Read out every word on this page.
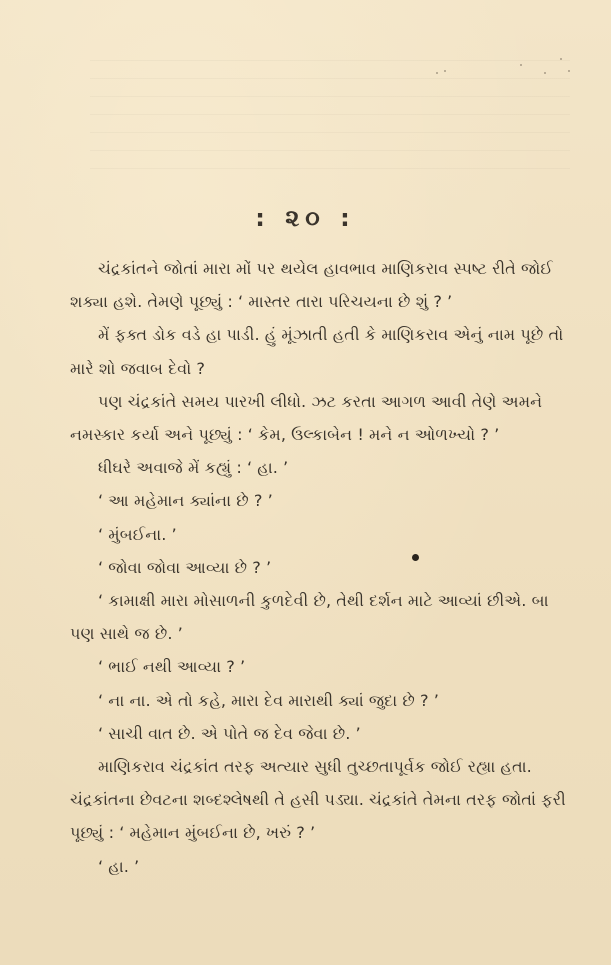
: ૨૦ :

ચંદ્રકાંતને જોતાં મારા મોં પર થયેલ હાવભાવ માણિકરાવ સ્પષ્ટ રીતે જોઈ શક્યા હશે. તેમણે પૂછ્યું : ‘ માસ્તર તારા પરિચયના છે શું ? ’

મેં ફક્ત ડોક વડે હા પાડી. હું મૂંઝાતી હતી કે માણિકરાવ એનું નામ પૂછે તો મારે શો જવાબ દેવો ?

પણ ચંદ્રકાંતે સમય પારખી લીધો. ઝટ કરતા આગળ આવી તેણે અમને નમસ્કાર કર્યા અને પૂછ્યું : ‘ કેમ, ઉલ્કાબેન ! મને ન ઓળખ્યો ? ’

ધીઘરે અવાજે મેં કહ્યું : ‘ હા. ’

‘ આ મહેમાન ક્યાંના છે ? ’

‘ મુંબઈના. ’

‘ જોવા જોવા આવ્યા છે ? ’

‘ કામાક્ષી મારા મોસાળની કુળદેવી છે, તેથી દર્શન માટે આવ્યાં છીએ. બા પણ સાથે જ છે. ’

‘ ભાઈ નથી આવ્યા ? ’

‘ ના ના. એ તો કહે, મારા દેવ મારાથી ક્યાં જુદા છે ? ’

‘ સાચી વાત છે. એ પોતે જ દેવ જેવા છે. ’

માણિકરાવ ચંદ્રકાંત તરફ અત્યાર સુધી તુચ્છતાપૂર્વક જોઈ રહ્યા હતા. ચંદ્રકાંતના છેવટના શબ્દશ્લેષથી તે હસી પડ્યા. ચંદ્રકાંતે તેમના તરફ જોતાં ફરી પૂછ્યું : ‘ મહેમાન મુંબઈના છે, ખરું ? ’

‘ હા. ’
